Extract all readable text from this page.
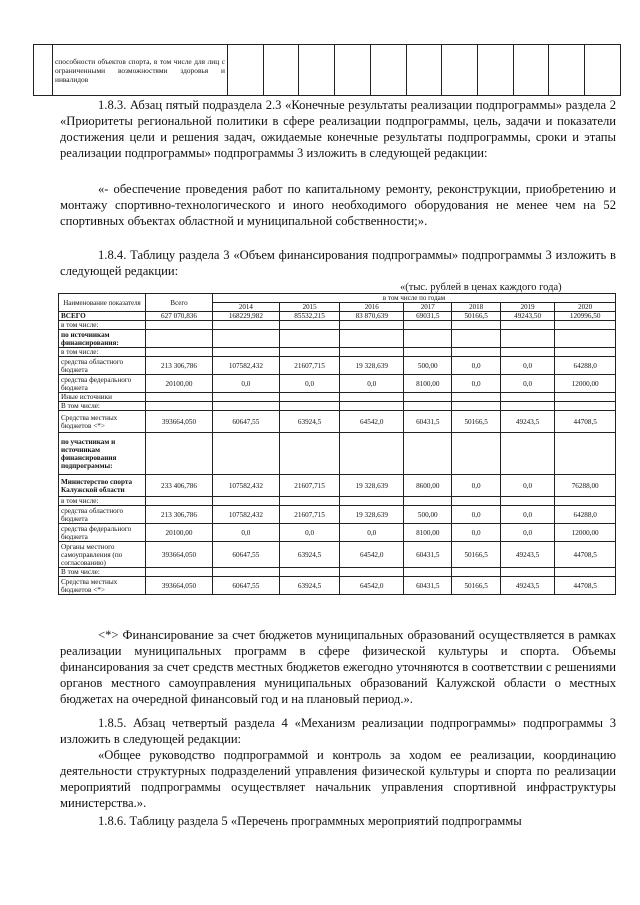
	способности объектов спорта, в том числе для лиц с ограниченными возможностями здоровья и инвалидов											

1.8.3. Абзац пятый подраздела 2.3 «Конечные результаты реализации подпрограммы» раздела 2 «Приоритеты региональной политики в сфере реализации подпрограммы, цель, задачи и показатели достижения цели и решения задач, ожидаемые конечные результаты подпрограммы, сроки и этапы реализации подпрограммы» подпрограммы 3 изложить в следующей редакции:

«- обеспечение проведения работ по капитальному ремонту, реконструкции, приобретению и монтажу спортивно-технологического и иного необходимого оборудования не менее чем на 52 спортивных объектах областной и муниципальной собственности;».

1.8.4. Таблицу раздела 3 «Объем финансирования подпрограммы» подпрограммы 3 изложить в следующей редакции:

«(тыс. рублей в ценах каждого года)
Наименование показателя	Всего	в том числе по годам						
		2014	2015	2016	2017	2018	2019	2020
ВСЕГО	627 070,836	168229,982	85532,215	83 870,639	69031,5	50166,5	49243,50	120996,50
в том числе:								
по источникам финансирования:								
в том числе:								
средства областного бюджета	213 306,786	107582,432	21607,715	19 328,639	500,00	0,0	0,0	64288,0
средства федерального бюджета	20100,00	0,0	0,0	0,0	8100,00	0,0	0,0	12000,00
Иные источники								
В том числе:								
Средства местных бюджетов <*>	393664,050	60647,55	63924,5	64542,0	60431,5	50166,5	49243,5	44708,5
по участникам и источникам финансирования подпрограммы:								
Министерство спорта Калужской области	233 406,786	107582,432	21607,715	19 328,639	8600,00	0,0	0,0	76288,00
в том числе:								
средства областного бюджета	213 306,786	107582,432	21607,715	19 328,639	500,00	0,0	0,0	64288,0
средства федерального бюджета	20100,00	0,0	0,0	0,0	8100,00	0,0	0,0	12000,00
Органы местного самоуправления (по согласованию)	393664,050	60647,55	63924,5	64542,0	60431,5	50166,5	49243,5	44708,5
В том числе:								
Средства местных бюджетов <*>	393664,050	60647,55	63924,5	64542,0	60431,5	50166,5	49243,5	44708,5

<*> Финансирование за счет бюджетов муниципальных образований осуществляется в рамках реализации муниципальных программ в сфере физической культуры и спорта. Объемы финансирования за счет средств местных бюджетов ежегодно уточняются в соответствии с решениями органов местного самоуправления муниципальных образований Калужской области о местных бюджетах на очередной финансовый год и на плановый период.».

1.8.5. Абзац четвертый раздела 4 «Механизм реализации подпрограммы» подпрограммы 3 изложить в следующей редакции:

«Общее руководство подпрограммой и контроль за ходом ее реализации, координацию деятельности структурных подразделений управления физической культуры и спорта по реализации мероприятий подпрограммы осуществляет начальник управления спортивной инфраструктуры министерства.».

1.8.6. Таблицу раздела 5 «Перечень программных мероприятий подпрограммы
